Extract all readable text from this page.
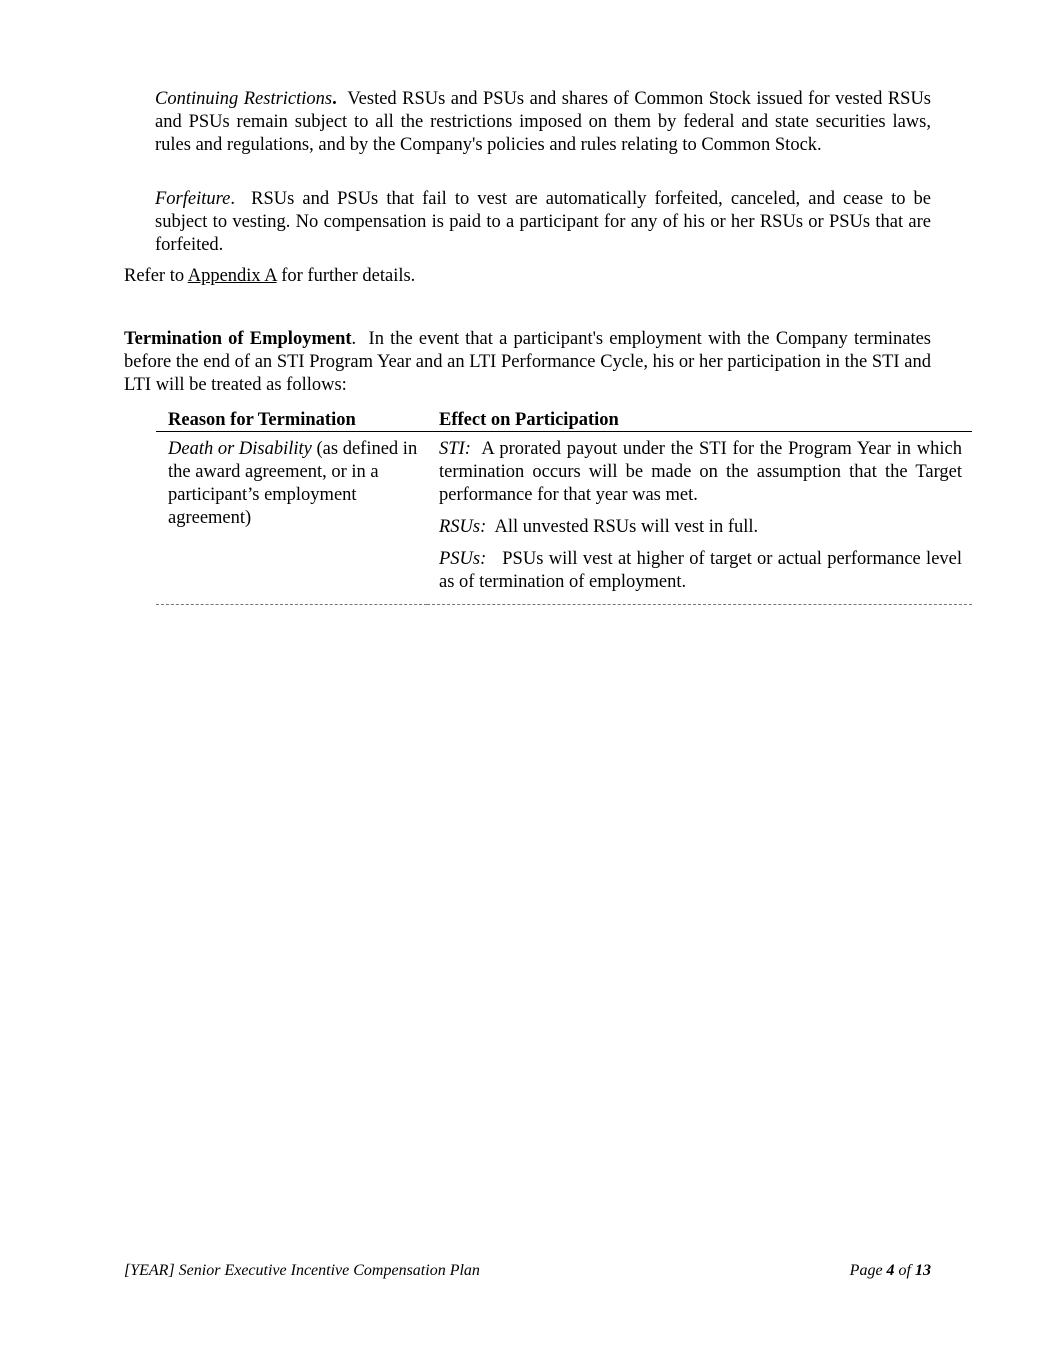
Continuing Restrictions. Vested RSUs and PSUs and shares of Common Stock issued for vested RSUs and PSUs remain subject to all the restrictions imposed on them by federal and state securities laws, rules and regulations, and by the Company's policies and rules relating to Common Stock.

Forfeiture.  RSUs and PSUs that fail to vest are automatically forfeited, canceled, and cease to be subject to vesting. No compensation is paid to a participant for any of his or her RSUs or PSUs that are forfeited.

Refer to Appendix A for further details.

Termination of Employment.  In the event that a participant's employment with the Company terminates before the end of an STI Program Year and an LTI Performance Cycle, his or her participation in the STI and LTI will be treated as follows:

Reason for Termination	Effect on Participation
Death or Disability (as defined in the award agreement, or in a participant’s employment agreement)	STI: A prorated payout under the STI for the Program Year in which termination occurs will be made on the assumption that the Target performance for that year was met.

RSUs: All unvested RSUs will vest in full.

PSUs: PSUs will vest at higher of target or actual performance level as of termination of employment.

[YEAR] Senior Executive Incentive Compensation Plan	Page 4 of 13
